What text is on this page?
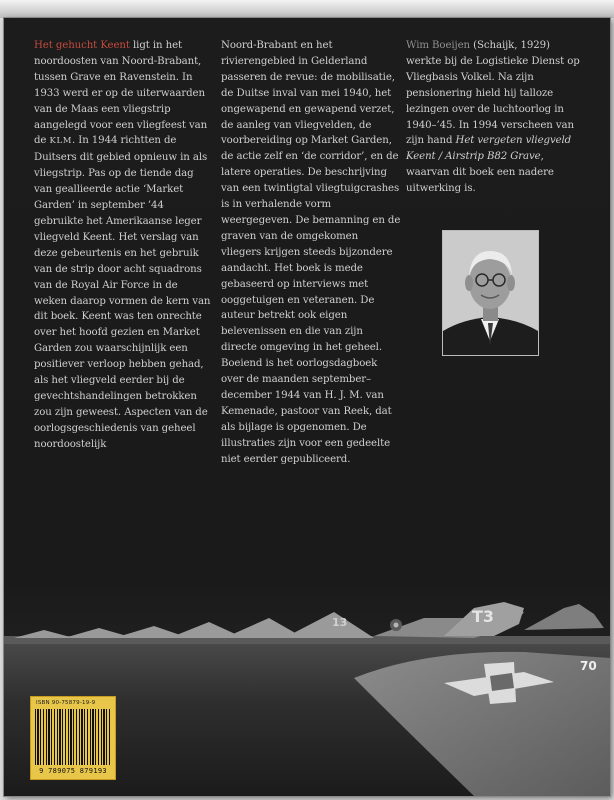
Het gehucht Keent ligt in het noordoosten van Noord-Brabant, tussen Grave en Ravenstein. In 1933 werd er op de uiterwaarden van de Maas een vliegstrip aangelegd voor een vliegfeest van de KLM. In 1944 richtten de Duitsers dit gebied opnieuw in als vliegstrip. Pas op de tiende dag van geallieerde actie ‘Market Garden’ in september ’44 gebruikte het Amerikaanse leger vliegveld Keent. Het verslag van deze gebeurtenis en het gebruik van de strip door acht squadrons van de Royal Air Force in de weken daarop vormen de kern van dit boek. Keent was ten onrechte over het hoofd gezien en Market Garden zou waarschijnlijk een positiever verloop hebben gehad, als het vliegveld eerder bij de gevechtshandelingen betrokken zou zijn geweest. Aspecten van de oorlogsgeschiedenis van geheel noordoostelijk

Noord-Brabant en het rivierengebied in Gelderland passeren de revue: de mobilisatie, de Duitse inval van mei 1940, het ongewapend en gewapend verzet, de aanleg van vliegvelden, de voorbereiding op Market Garden, de actie zelf en ‘de corridor’, en de latere operaties. De beschrijving van een twintigtal vliegtuigcrashes is in verhalende vorm weergegeven. De bemanning en de graven van de omgekomen vliegers krijgen steeds bijzondere aandacht. Het boek is mede gebaseerd op interviews met ooggetuigen en veteranen. De auteur betrekt ook eigen belevenissen en die van zijn directe omgeving in het geheel. Boeiend is het oorlogsdagboek over de maanden september–december 1944 van H. J. M. van Kemenade, pastoor van Reek, dat als bijlage is opgenomen. De illustraties zijn voor een gedeelte niet eerder gepubliceerd.

Wim Boeijen (Schaijk, 1929) werkte bij de Logistieke Dienst op Vliegbasis Volkel. Na zijn pensionering hield hij talloze lezingen over de luchtoorlog in 1940–’45. In 1994 verscheen van zijn hand Het vergeten vliegveld Keent / Airstrip B82 Grave, waarvan dit boek een nadere uitwerking is.

T3
13
70
ISBN 90-75879-19-9
9 789075 879193
